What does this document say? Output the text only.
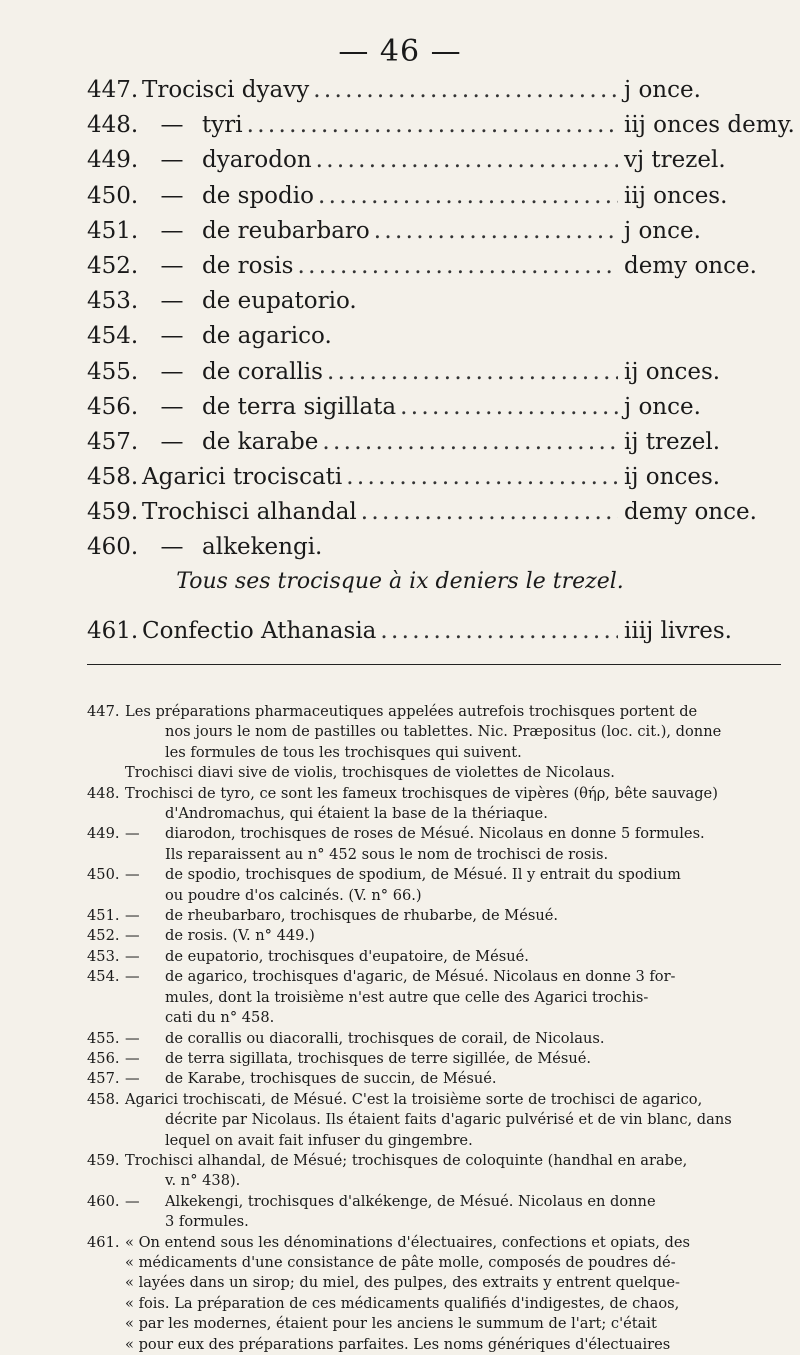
— 46 —
447. Trocisci dyavy . . .	j once.
448. — tyri . . .	iij onces demy.
449. — dyarodon . . .	vj trezel.
450. — de spodio . . .	iij onces.
451. — de reubarbaro . . .	j once.
452. — de rosis . . .	demy once.
453. — de eupatorio.
454. — de agarico.
455. — de corallis . . .	ij onces.
456. — de terra sigillata . . .	j once.
457. — de karabe . . .	ij trezel.
458. Agarici trociscati . . .	ij onces.
459. Trochisci alhandal . . .	demy once.
460. — alkekengi.
Tous ses trocisque à ix deniers le trezel.
461. Confectio Athanasia . . .	iiij livres.
447. Les préparations pharmaceutiques appelées autrefois trochisques portent de
nos jours le nom de pastilles ou tablettes. Nic. Præpositus (loc. cit.), donne
les formules de tous les trochisques qui suivent.
Trochisci diavi sive de violis, trochisques de violettes de Nicolaus.
448. Trochisci de tyro, ce sont les fameux trochisques de vipères (θήρ, bête sauvage)
d'Andromachus, qui étaient la base de la thériaque.
449. —	diarodon, trochisques de roses de Mésué. Nicolaus en donne 5 formules.
Ils reparaissent au n° 452 sous le nom de trochisci de rosis.
450. —	de spodio, trochisques de spodium, de Mésué. Il y entrait du spodium
ou poudre d'os calcinés. (V. n° 66.)
451. —	de rheubarbaro, trochisques de rhubarbe, de Mésué.
452. —	de rosis. (V. n° 449.)
453. —	de eupatorio, trochisques d'eupatoire, de Mésué.
454. —	de agarico, trochisques d'agaric, de Mésué. Nicolaus en donne 3 for-
mules, dont la troisième n'est autre que celle des Agarici trochis-
cati du n° 458.
455. —	de corallis ou diacoralli, trochisques de corail, de Nicolaus.
456. —	de terra sigillata, trochisques de terre sigillée, de Mésué.
457. —	de Karabe, trochisques de succin, de Mésué.
458. Agarici trochiscati, de Mésué. C'est la troisième sorte de trochisci de agarico,
décrite par Nicolaus. Ils étaient faits d'agaric pulvérisé et de vin blanc, dans
lequel on avait fait infuser du gingembre.
459. Trochisci alhandal, de Mésué; trochisques de coloquinte (handhal en arabe,
v. n° 438).
460. —	Alkekengi, trochisques d'alkékenge, de Mésué. Nicolaus en donne
3 formules.
461. « On entend sous les dénominations d'électuaires, confections et opiats, des
« médicaments d'une consistance de pâte molle, composés de poudres dé-
« layées dans un sirop; du miel, des pulpes, des extraits y entrent quelque-
« fois. La préparation de ces médicaments qualifiés d'indigestes, de chaos,
« par les modernes, étaient pour les anciens le summum de l'art; c'était
« pour eux des préparations parfaites. Les noms génériques d'électuaires
